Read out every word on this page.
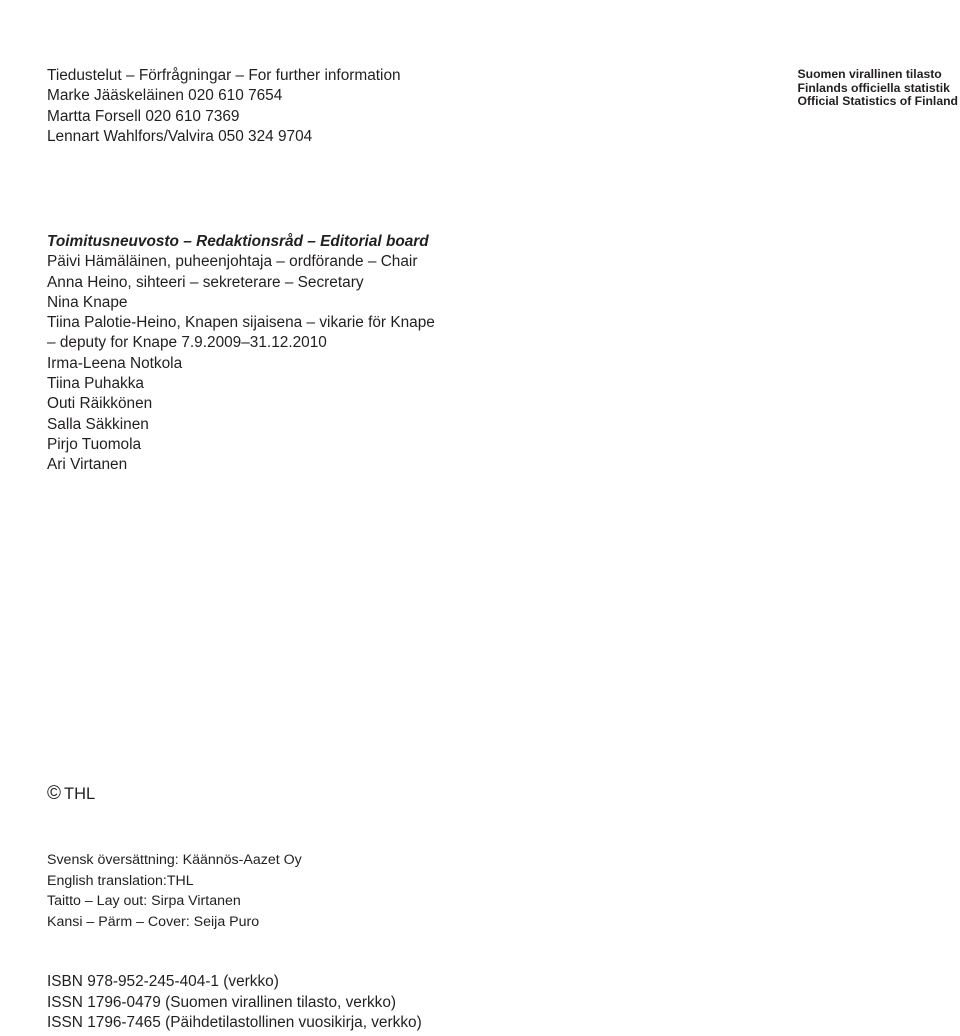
Tiedustelut – Förfrågningar – For further information
Marke Jääskeläinen 020 610 7654
Martta Forsell 020 610 7369
Lennart Wahlfors/Valvira 050 324 9704
Suomen virallinen tilasto
Finlands officiella statistik
Official Statistics of Finland
Toimitusneuvosto – Redaktionsråd – Editorial board
Päivi Hämäläinen, puheenjohtaja – ordförande – Chair
Anna Heino, sihteeri – sekreterare – Secretary
Nina Knape
Tiina Palotie-Heino, Knapen sijaisena – vikarie för Knape
– deputy for Knape 7.9.2009–31.12.2010
Irma-Leena Notkola
Tiina Puhakka
Outi Räikkönen
Salla Säkkinen
Pirjo Tuomola
Ari Virtanen
© THL
Svensk översättning: Käännös-Aazet Oy
English translation:THL
Taitto – Lay out: Sirpa Virtanen
Kansi – Pärm – Cover: Seija Puro
ISBN 978-952-245-404-1 (verkko)
ISSN 1796-0479 (Suomen virallinen tilasto, verkko)
ISSN 1796-7465 (Päihdetilastollinen vuosikirja, verkko)
